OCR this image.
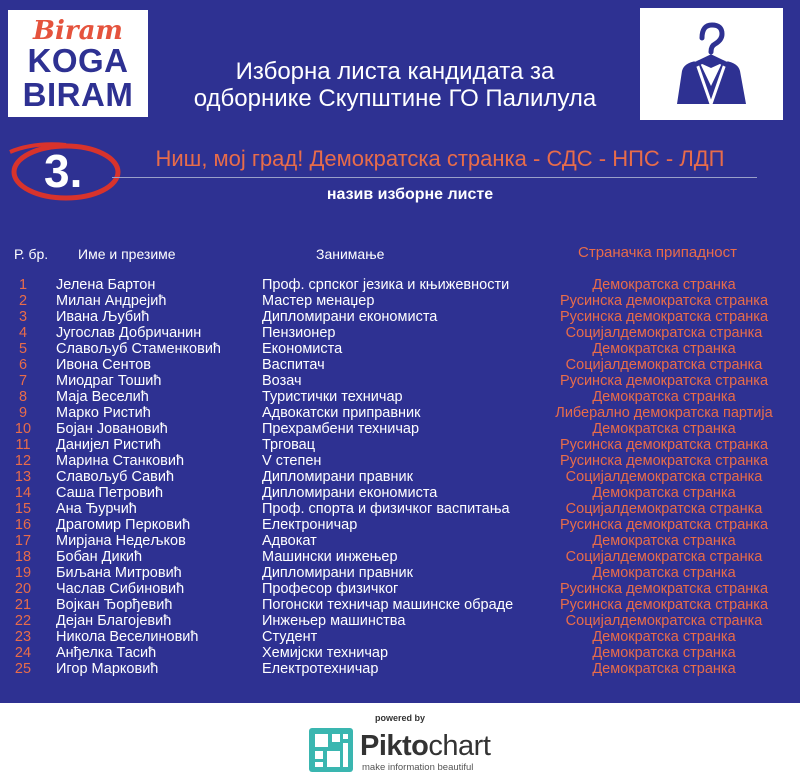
Biram
KOGA
BIRAM
Изборна листа кандидата за
одборнике Скупштине ГО Палилула
3.	Ниш, мој град! Демократска странка - СДС - НПС - ЛДП
назив изборне листе
Р. бр. Име и презиме	Занимање	Страначка припадност
1	Јелена Бартон	Проф. српског језика и књижевности	Демократска странка
2	Милан Андрејић	Мастер менаџер	Русинска демократска странка
3	Ивана Љубић	Дипломирани економиста	Русинска демократска странка
4	Југослав Добричанин	Пензионер	Социјалдемократска странка
5	Славољуб Стаменковић	Економиста	Демократска странка
6	Ивона Сентов	Васпитач	Социјалдемократска странка
7	Миодраг Тошић	Возач	Русинска демократска странка
8	Маја Веселић	Туристички техничар	Демократска странка
9	Марко Ристић	Адвокатски приправник	Либерално демократска партија
10	Бојан Јовановић	Прехрамбени техничар	Демократска странка
11	Данијел Ристић	Трговац	Русинска демократска странка
12	Марина Станковић	V степен	Русинска демократска странка
13	Славољуб Савић	Дипломирани правник	Социјалдемократска странка
14	Саша Петровић	Дипломирани економиста	Демократска странка
15	Ана Ђурчић	Проф. спорта и физичког васпитања	Социјалдемократска странка
16	Драгомир Перковић	Електроничар	Русинска демократска странка
17	Мирјана Недељков	Адвокат	Демократска странка
18	Бобан Дикић	Машински инжењер	Социјалдемократска странка
19	Биљана Митровић	Дипломирани правник	Демократска странка
20	Часлав Сибиновић	Професор физичког	Русинска демократска странка
21	Војкан Ђорђевић	Погонски техничар машинске обраде	Русинска демократска странка
22	Дејан Благојевић	Инжењер машинства	Социјалдемократска странка
23	Никола Веселиновић	Студент	Демократска странка
24	Анђелка Тасић	Хемијски техничар	Демократска странка
25	Игор Марковић	Електротехничар	Демократска странка
powered by
Piktochart
make information beautiful
